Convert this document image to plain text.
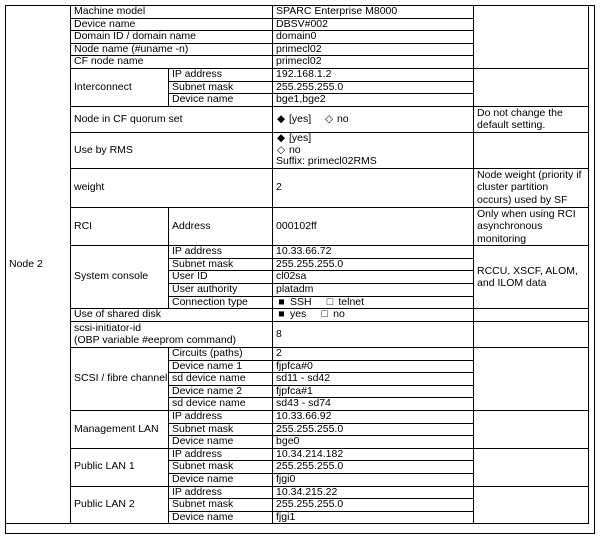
Node 2	Machine model		SPARC Enterprise M8000	
	Device name		DBSV#002	
	Domain ID / domain name		domain0	
	Node name (#uname -n)		primecl02	
	CF node name		primecl02	
	Interconnect	IP address	192.168.1.2	
		Subnet mask	255.255.255.0	
		Device name	bge1,bge2	
	Node in CF quorum set		◆ [yes] ◇ no	Do not change the default setting.

	Use by RMS		◆ [yes]	
			◇ no	
			Suffix: primecl02RMS	
	weight		2	Node weight (priority if cluster partition occurs) used by SF

	RCI	Address	000102ff	Only when using RCI asynchronous monitoring

	System console	IP address	10.33.66.72	RCCU, XSCF, ALOM, and ILOM data
		Subnet mask	255.255.255.0	
		User ID	cl02sa	
		User authority	platadm	
		Connection type	■ SSH □ telnet	
	Use of shared disk		■ yes □ no	
	scsi-initiator-id
(OBP variable #eeprom command)		8	

	SCSI / fibre channel	Circuits (paths)	2	
		Device name 1	fjpfca#0	
		sd device name	sd11 - sd42	
		Device name 2	fjpfca#1	
		sd device name	sd43 - sd74	
	Management LAN	IP address	10.33.66.92	
		Subnet mask	255.255.255.0	
		Device name	bge0	
	Public LAN 1	IP address	10.34.214.182	
		Subnet mask	255.255.255.0	
		Device name	fjgi0	
	Public LAN 2	IP address	10.34.215.22	
		Subnet mask	255.255.255.0	
		Device name	fjgi1	
